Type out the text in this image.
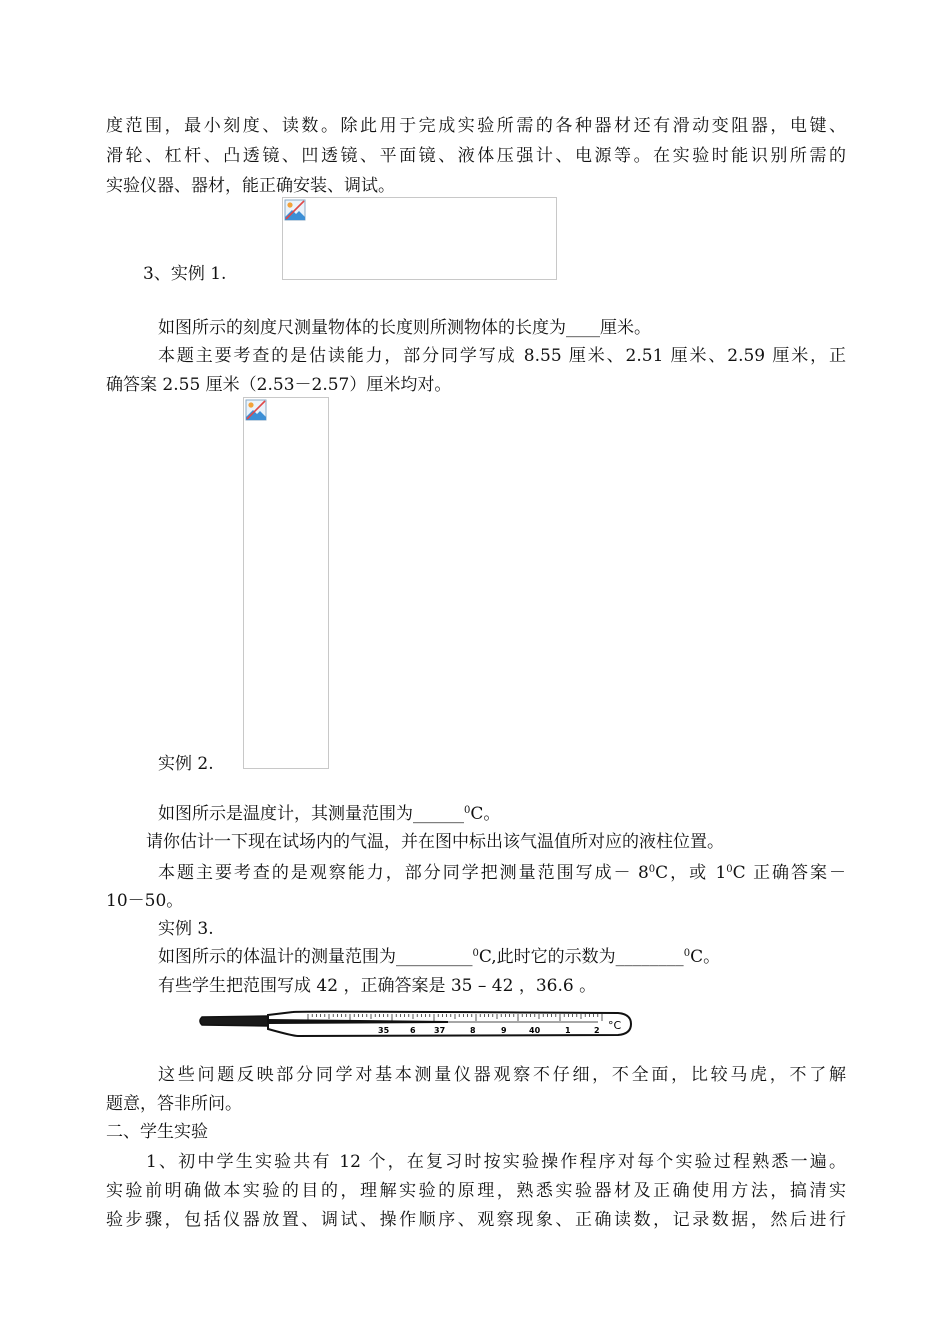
度范围，最小刻度、读数。除此用于完成实验所需的各种器材还有滑动变阻器，电键、
滑轮、杠杆、凸透镜、凹透镜、平面镜、液体压强计、电源等。在实验时能识别所需的
实验仪器、器材，能正确安装、调试。
3、实例 1.
如图所示的刻度尺测量物体的长度则所测物体的长度为____厘米。
本题主要考查的是估读能力，部分同学写成 8.55 厘米、2.51 厘米、2.59 厘米，正
确答案 2.55 厘米（2.53－2.57）厘米均对。
实例 2.
如图所示是温度计，其测量范围为______$^0$C。
请你估计一下现在试场内的气温，并在图中标出该气温值所对应的液柱位置。
本题主要考查的是观察能力，部分同学把测量范围写成－ $8^0C$，或 $1^0C$ 正确答案－
10－50。
实例 3.
如图所示的体温计的测量范围为_________$^0$C,此时它的示数为________$^0$C。
有些学生把范围写成 42 ，正确答案是 35 – 42 ，36.6 。
35	6 37	8	9	40	1	2 °C
这些问题反映部分同学对基本测量仪器观察不仔细，不全面，比较马虎，不了解
题意，答非所问。
二、学生实验
1、初中学生实验共有 12 个，在复习时按实验操作程序对每个实验过程熟悉一遍。
实验前明确做本实验的目的，理解实验的原理，熟悉实验器材及正确使用方法，搞清实
验步骤，包括仪器放置、调试、操作顺序、观察现象、正确读数，记录数据，然后进行
